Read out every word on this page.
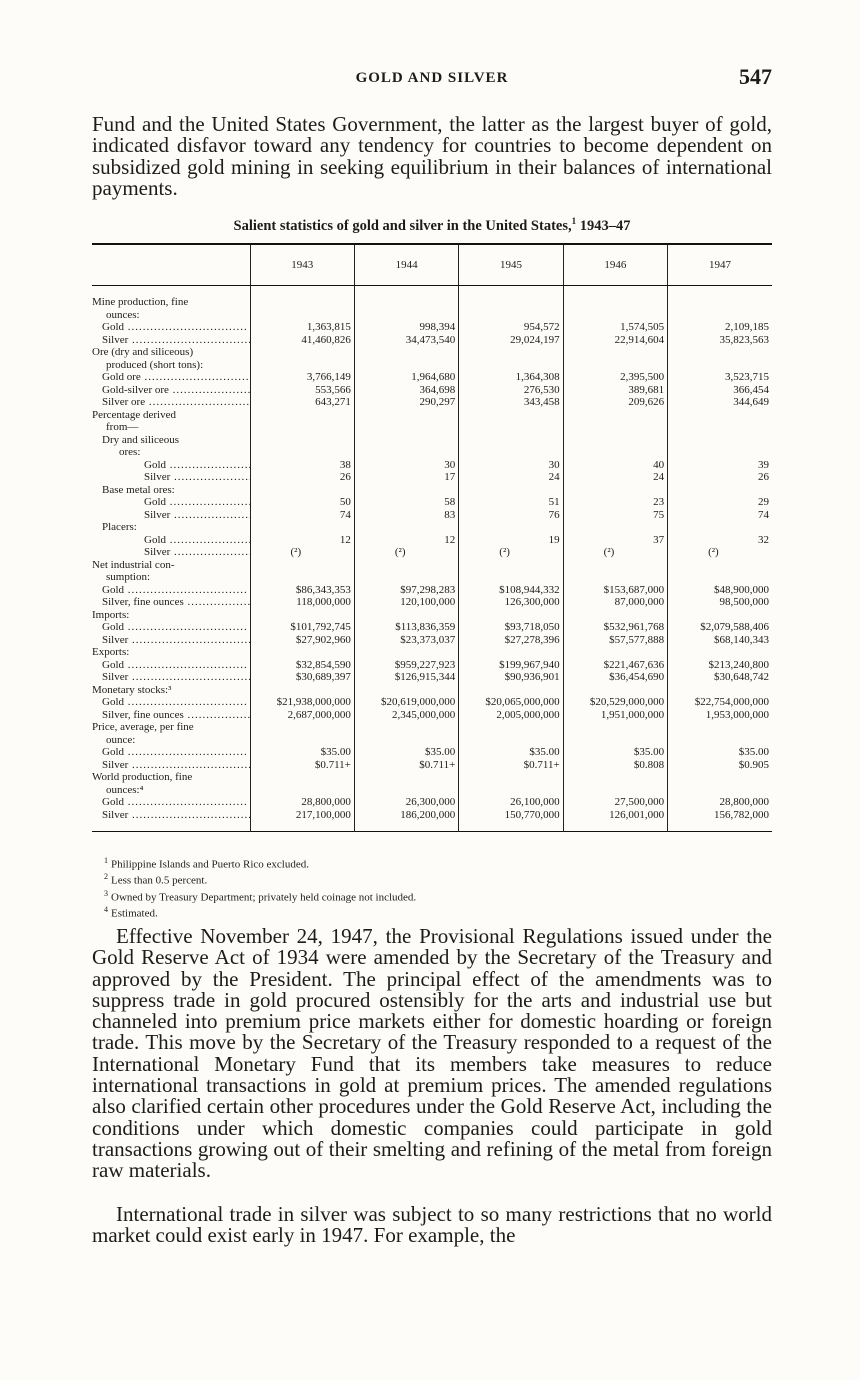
GOLD AND SILVER	547

Fund and the United States Government, the latter as the largest buyer of gold, indicated disfavor toward any tendency for countries to become dependent on subsidized gold mining in seeking equilibrium in their balances of international payments.

Salient statistics of gold and silver in the United States,$^1$ 1943–47
	1943	1944	1945	1946	1947

Mine production, fine					
ounces:					
Gold .....	1,363,815	998,394	954,572	1,574,505	2,109,185
Silver .....	41,460,826	34,473,540	29,024,197	22,914,604	35,823,563
Ore (dry and siliceous)					
produced (short tons):					
Gold ore .....	3,766,149	1,964,680	1,364,308	2,395,500	3,523,715
Gold-silver ore .....	553,566	364,698	276,530	389,681	366,454
Silver ore .....	643,271	290,297	343,458	209,626	344,649
Percentage derived					
from—					
Dry and siliceous					
ores:					
Gold .....	38	30	30	40	39
Silver .....	26	17	24	24	26
Base metal ores:					
Gold .....	50	58	51	23	29
Silver .....	74	83	76	75	74
Placers:					
Gold .....	12	12	19	37	32
Silver .....	(²)	(²)	(²)	(²)	(²)
Net industrial con-					
sumption:					
Gold .....	$86,343,353	$97,298,283	$108,944,332	$153,687,000	$48,900,000
Silver, fine ounces .....	118,000,000	120,100,000	126,300,000	87,000,000	98,500,000
Imports:					
Gold .....	$101,792,745	$113,836,359	$93,718,050	$532,961,768	$2,079,588,406
Silver .....	$27,902,960	$23,373,037	$27,278,396	$57,577,888	$68,140,343
Exports:					
Gold .....	$32,854,590	$959,227,923	$199,967,940	$221,467,636	$213,240,800
Silver .....	$30,689,397	$126,915,344	$90,936,901	$36,454,690	$30,648,742
Monetary stocks:³					
Gold .....	$21,938,000,000	$20,619,000,000	$20,065,000,000	$20,529,000,000	$22,754,000,000
Silver, fine ounces .....	2,687,000,000	2,345,000,000	2,005,000,000	1,951,000,000	1,953,000,000
Price, average, per fine					
ounce:					
Gold .....	$35.00	$35.00	$35.00	$35.00	$35.00
Silver .....	$0.711+	$0.711+	$0.711+	$0.808	$0.905
World production, fine					
ounces:⁴					
Gold .....	28,800,000	26,300,000	26,100,000	27,500,000	28,800,000
Silver .....	217,100,000	186,200,000	150,770,000	126,001,000	156,782,000

$^1$ Philippine Islands and Puerto Rico excluded.
$^2$ Less than 0.5 percent.
$^3$ Owned by Treasury Department; privately held coinage not included.
$^4$ Estimated.

Effective November 24, 1947, the Provisional Regulations issued under the Gold Reserve Act of 1934 were amended by the Secretary of the Treasury and approved by the President. The principal effect of the amendments was to suppress trade in gold procured ostensibly for the arts and industrial use but channeled into premium price markets either for domestic hoarding or foreign trade. This move by the Secretary of the Treasury responded to a request of the International Monetary Fund that its members take measures to reduce international transactions in gold at premium prices. The amended regulations also clarified certain other procedures under the Gold Reserve Act, including the conditions under which domestic companies could participate in gold transactions growing out of their smelting and refining of the metal from foreign raw materials.

International trade in silver was subject to so many restrictions that no world market could exist early in 1947. For example, the
